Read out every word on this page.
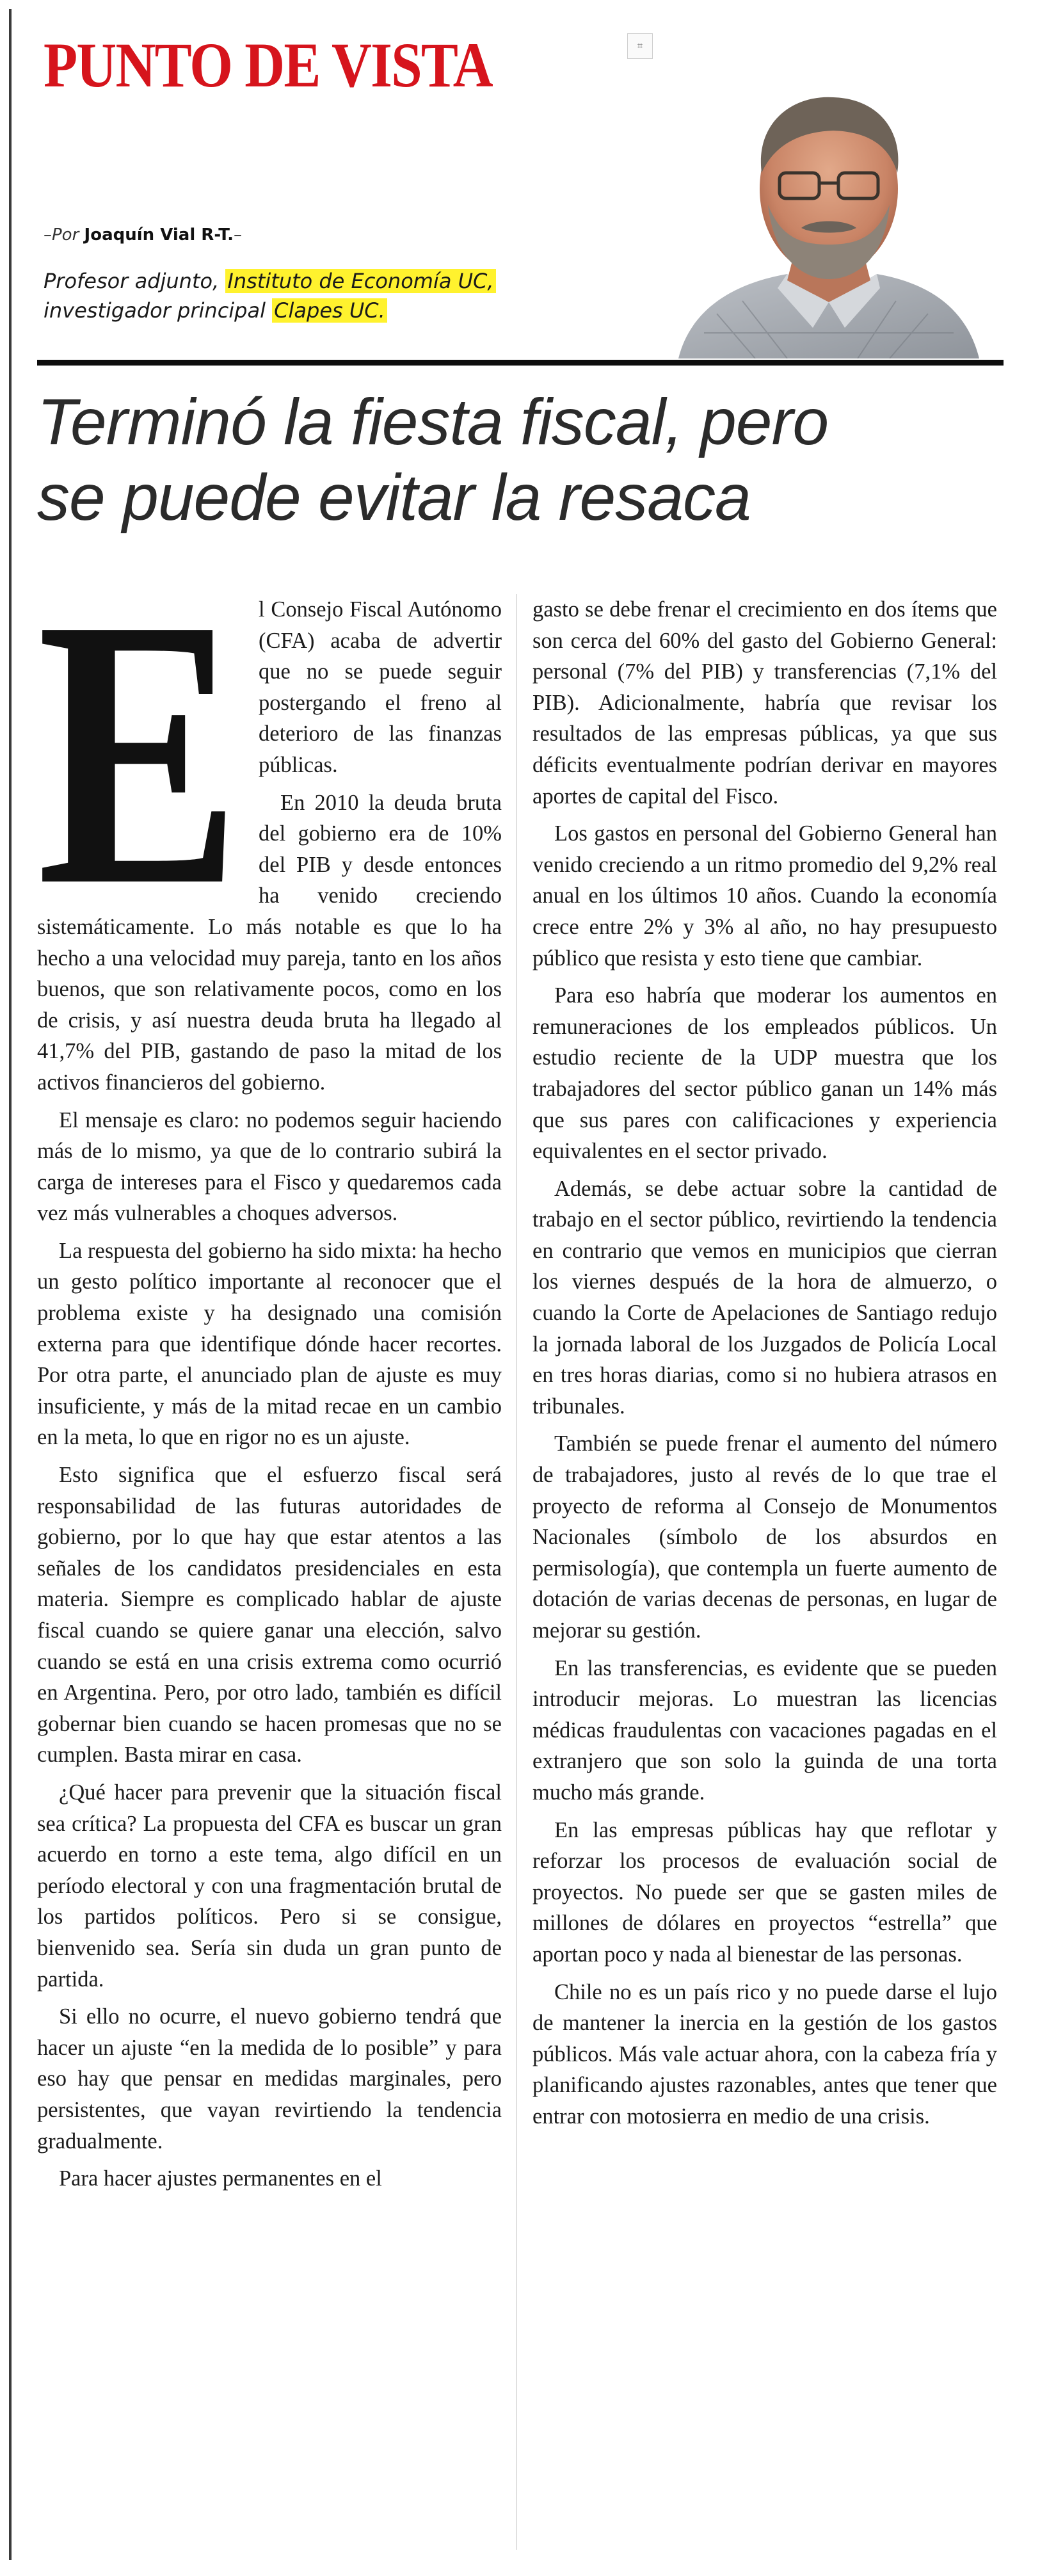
PUNTO DE VISTA	⌗
–Por Joaquín Vial R-T.–
Profesor adjunto, Instituto de Economía UC,
investigador principal Clapes UC.
Terminó la fiesta fiscal, pero
se puede evitar la resaca
E l Consejo Fiscal Autónomo (CFA) acaba de advertir que no se puede seguir postergando el freno al deterioro de las finanzas públicas.

En 2010 la deuda bruta del gobierno era de 10% del PIB y desde entonces ha venido creciendo sistemáticamente. Lo más notable es que lo ha hecho a una velocidad muy pareja, tanto en los años buenos, que son relativamente pocos, como en los de crisis, y así nuestra deuda bruta ha llegado al 41,7% del PIB, gastando de paso la mitad de los activos financieros del gobierno.

El mensaje es claro: no podemos seguir haciendo más de lo mismo, ya que de lo contrario subirá la carga de intereses para el Fisco y quedaremos cada vez más vulnerables a choques adversos.

La respuesta del gobierno ha sido mixta: ha hecho un gesto político importante al reconocer que el problema existe y ha designado una comisión externa para que identifique dónde hacer recortes. Por otra parte, el anunciado plan de ajuste es muy insuficiente, y más de la mitad recae en un cambio en la meta, lo que en rigor no es un ajuste.

Esto significa que el esfuerzo fiscal será responsabilidad de las futuras autoridades de gobierno, por lo que hay que estar atentos a las señales de los candidatos presidenciales en esta materia. Siempre es complicado hablar de ajuste fiscal cuando se quiere ganar una elección, salvo cuando se está en una crisis extrema como ocurrió en Argentina. Pero, por otro lado, también es difícil gobernar bien cuando se hacen promesas que no se cumplen. Basta mirar en casa.

¿Qué hacer para prevenir que la situación fiscal sea crítica? La propuesta del CFA es buscar un gran acuerdo en torno a este tema, algo difícil en un período electoral y con una fragmentación brutal de los partidos políticos. Pero si se consigue, bienvenido sea. Sería sin duda un gran punto de partida.

Si ello no ocurre, el nuevo gobierno tendrá que hacer un ajuste “en la medida de lo posible” y para eso hay que pensar en medidas marginales, pero persistentes, que vayan revirtiendo la tendencia gradualmente.

Para hacer ajustes permanentes en el

gasto se debe frenar el crecimiento en dos ítems que son cerca del 60% del gasto del Gobierno General: personal (7% del PIB) y transferencias (7,1% del PIB). Adicionalmente, habría que revisar los resultados de las empresas públicas, ya que sus déficits eventualmente podrían derivar en mayores aportes de capital del Fisco.

Los gastos en personal del Gobierno General han venido creciendo a un ritmo promedio del 9,2% real anual en los últimos 10 años. Cuando la economía crece entre 2% y 3% al año, no hay presupuesto público que resista y esto tiene que cambiar.

Para eso habría que moderar los aumentos en remuneraciones de los empleados públicos. Un estudio reciente de la UDP muestra que los trabajadores del sector público ganan un 14% más que sus pares con calificaciones y experiencia equivalentes en el sector privado.

Además, se debe actuar sobre la cantidad de trabajo en el sector público, revirtiendo la tendencia en contrario que vemos en municipios que cierran los viernes después de la hora de almuerzo, o cuando la Corte de Apelaciones de Santiago redujo la jornada laboral de los Juzgados de Policía Local en tres horas diarias, como si no hubiera atrasos en tribunales.

También se puede frenar el aumento del número de trabajadores, justo al revés de lo que trae el proyecto de reforma al Consejo de Monumentos Nacionales (símbolo de los absurdos en permisología), que contempla un fuerte aumento de dotación de varias decenas de personas, en lugar de mejorar su gestión.

En las transferencias, es evidente que se pueden introducir mejoras. Lo muestran las licencias médicas fraudulentas con vacaciones pagadas en el extranjero que son solo la guinda de una torta mucho más grande.

En las empresas públicas hay que reflotar y reforzar los procesos de evaluación social de proyectos. No puede ser que se gasten miles de millones de dólares en proyectos “estrella” que aportan poco y nada al bienestar de las personas.

Chile no es un país rico y no puede darse el lujo de mantener la inercia en la gestión de los gastos públicos. Más vale actuar ahora, con la cabeza fría y planificando ajustes razonables, antes que tener que entrar con motosierra en medio de una crisis.
